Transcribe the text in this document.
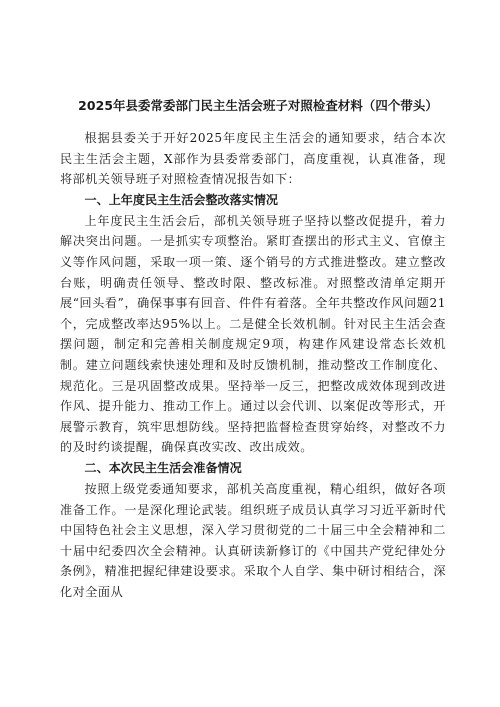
2025年县委常委部门民主生活会班子对照检查材料（四个带头）

根据县委关于开好2025年度民主生活会的通知要求，结合本次民主生活会主题，X部作为县委常委部门，高度重视，认真准备，现将部机关领导班子对照检查情况报告如下：

一、上年度民主生活会整改落实情况

上年度民主生活会后，部机关领导班子坚持以整改促提升，着力解决突出问题。一是抓实专项整治。紧盯查摆出的形式主义、官僚主义等作风问题，采取一项一策、逐个销号的方式推进整改。建立整改台账，明确责任领导、整改时限、整改标准。对照整改清单定期开展“回头看”，确保事事有回音、件件有着落。全年共整改作风问题21个，完成整改率达95%以上。二是健全长效机制。针对民主生活会查摆问题，制定和完善相关制度规定9项，构建作风建设常态长效机制。建立问题线索快速处理和及时反馈机制，推动整改工作制度化、规范化。三是巩固整改成果。坚持举一反三，把整改成效体现到改进作风、提升能力、推动工作上。通过以会代训、以案促改等形式，开展警示教育，筑牢思想防线。坚持把监督检查贯穿始终，对整改不力的及时约谈提醒，确保真改实改、改出成效。

二、本次民主生活会准备情况

按照上级党委通知要求，部机关高度重视，精心组织，做好各项准备工作。一是深化理论武装。组织班子成员认真学习习近平新时代中国特色社会主义思想，深入学习贯彻党的二十届三中全会精神和二十届中纪委四次全会精神。认真研读新修订的《中国共产党纪律处分条例》，精准把握纪律建设要求。采取个人自学、集中研讨相结合，深化对全面从
